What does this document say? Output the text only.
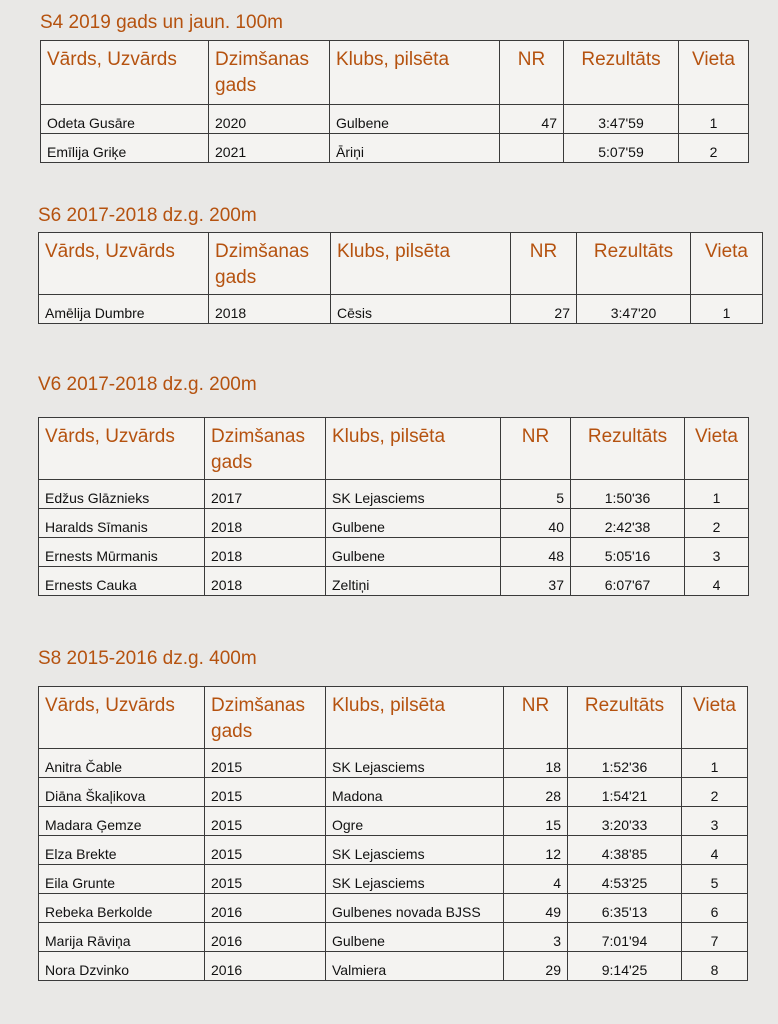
S4 2019 gads un jaun. 100m
Vārds, Uzvārds	Dzimšanas gads	Klubs, pilsēta	NR	Rezultāts	Vieta
Odeta Gusāre	2020	Gulbene	47	3:47'59	1
Emīlija Griķe	2021	Āriņi		5:07'59	2
S6 2017-2018 dz.g. 200m
Vārds, Uzvārds	Dzimšanas gads	Klubs, pilsēta	NR	Rezultāts	Vieta
Amēlija Dumbre	2018	Cēsis	27	3:47'20	1
V6 2017-2018 dz.g. 200m
Vārds, Uzvārds	Dzimšanas gads	Klubs, pilsēta	NR	Rezultāts	Vieta
Edžus Glāznieks	2017	SK Lejasciems	5	1:50'36	1
Haralds Sīmanis	2018	Gulbene	40	2:42'38	2
Ernests Mūrmanis	2018	Gulbene	48	5:05'16	3
Ernests Cauka	2018	Zeltiņi	37	6:07'67	4
S8 2015-2016 dz.g. 400m
Vārds, Uzvārds	Dzimšanas gads	Klubs, pilsēta	NR	Rezultāts	Vieta
Anitra Čable	2015	SK Lejasciems	18	1:52'36	1
Diāna Škaļikova	2015	Madona	28	1:54'21	2
Madara Ģemze	2015	Ogre	15	3:20'33	3
Elza Brekte	2015	SK Lejasciems	12	4:38'85	4
Eila Grunte	2015	SK Lejasciems	4	4:53'25	5
Rebeka Berkolde	2016	Gulbenes novada BJSS	49	6:35'13	6
Marija Rāviņa	2016	Gulbene	3	7:01'94	7
Nora Dzvinko	2016	Valmiera	29	9:14'25	8
